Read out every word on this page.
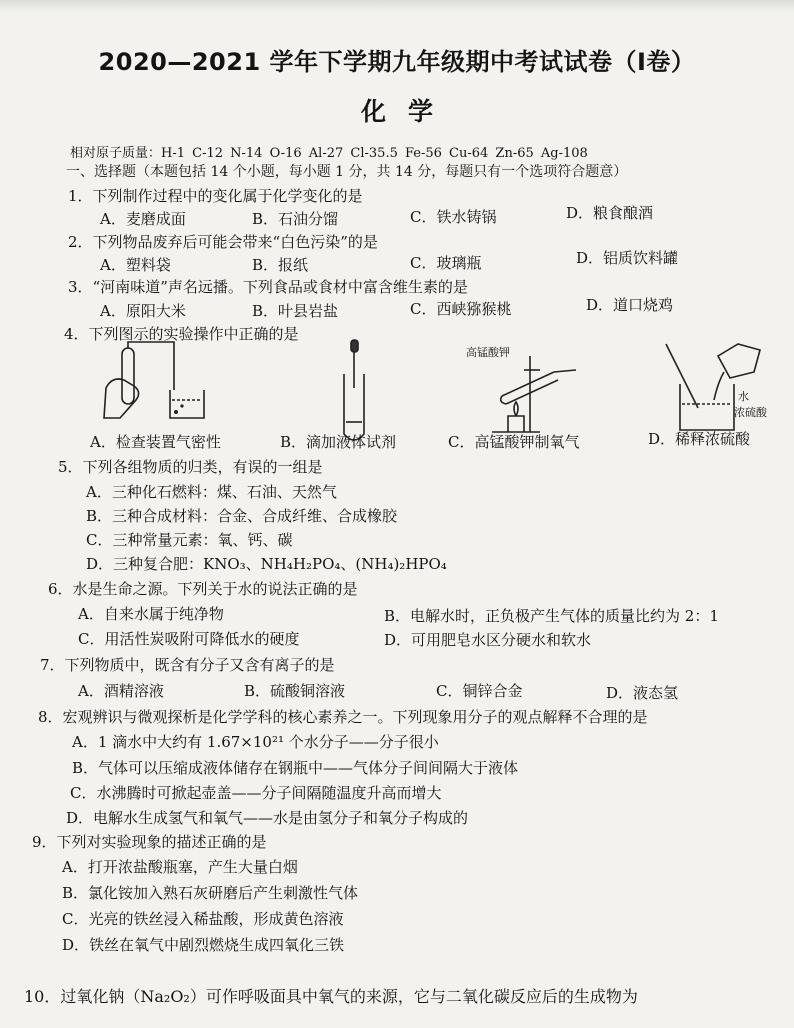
2020—2021 学年下学期九年级期中考试试卷（Ⅰ卷）
化学
相对原子质量：H-1 C-12 N-14 O-16 Al-27 Cl-35.5 Fe-56 Cu-64 Zn-65 Ag-108
一、选择题（本题包括 14 个小题，每小题 1 分，共 14 分，每题只有一个选项符合题意）
1．下列制作过程中的变化属于化学变化的是
A．麦磨成面	B．石油分馏	C．铁水铸锅	D．粮食酿酒
2．下列物品废弃后可能会带来“白色污染”的是
A．塑料袋	B．报纸	C．玻璃瓶	D．铝质饮料罐
3．“河南味道”声名远播。下列食品或食材中富含维生素的是
A．原阳大米	B．叶县岩盐	C．西峡猕猴桃	D．道口烧鸡
4．下列图示的实验操作中正确的是
A．检查装置气密性	B．滴加液体试剂
高锰酸钾
C．高锰酸钾制氧气
水
浓硫酸
D．稀释浓硫酸
5．下列各组物质的归类，有误的一组是
A．三种化石燃料：煤、石油、天然气
B．三种合成材料：合金、合成纤维、合成橡胶
C．三种常量元素：氧、钙、碳
D．三种复合肥：KNO₃、NH₄H₂PO₄、(NH₄)₂HPO₄
6．水是生命之源。下列关于水的说法正确的是
A．自来水属于纯净物	B．电解水时，正负极产生气体的质量比约为 2：1
C．用活性炭吸附可降低水的硬度	D．可用肥皂水区分硬水和软水
7．下列物质中，既含有分子又含有离子的是
A．酒精溶液	B．硫酸铜溶液	C．铜锌合金	D．液态氢
8．宏观辨识与微观探析是化学学科的核心素养之一。下列现象用分子的观点解释不合理的是
A．1 滴水中大约有 1.67×10²¹ 个水分子——分子很小
B．气体可以压缩成液体储存在钢瓶中——气体分子间间隔大于液体
C．水沸腾时可掀起壶盖——分子间隔随温度升高而增大
D．电解水生成氢气和氧气——水是由氢分子和氧分子构成的
9．下列对实验现象的描述正确的是
A．打开浓盐酸瓶塞，产生大量白烟
B．氯化铵加入熟石灰研磨后产生刺激性气体
C．光亮的铁丝浸入稀盐酸，形成黄色溶液
D．铁丝在氧气中剧烈燃烧生成四氧化三铁
10．过氧化钠（Na₂O₂）可作呼吸面具中氧气的来源，它与二氧化碳反应后的生成物为
